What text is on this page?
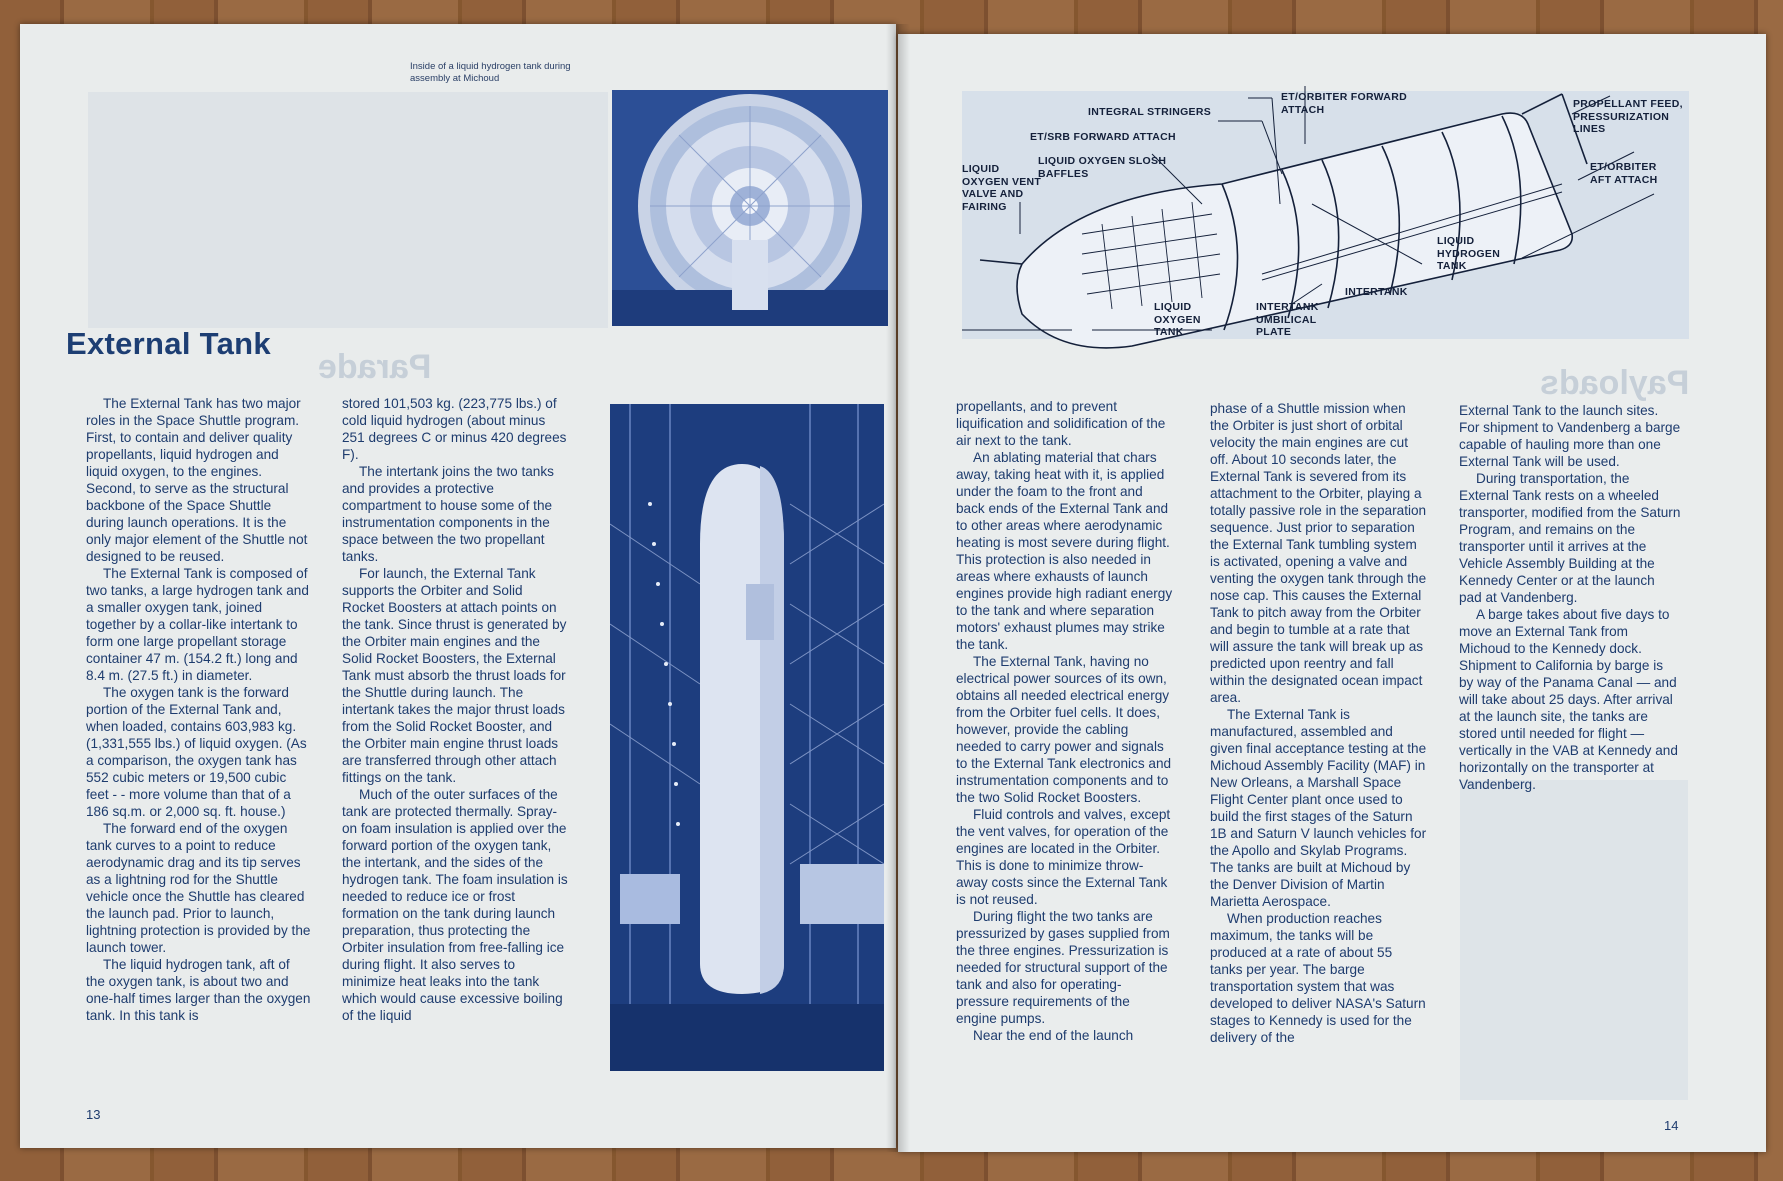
Parade
Inside of a liquid hydrogen tank during assembly at Michoud
External Tank

The External Tank has two major roles in the Space Shuttle program. First, to contain and deliver quality propellants, liquid hydrogen and liquid oxygen, to the engines. Second, to serve as the structural backbone of the Space Shuttle during launch operations. It is the only major element of the Shuttle not designed to be reused.

The External Tank is composed of two tanks, a large hydrogen tank and a smaller oxygen tank, joined together by a collar-like intertank to form one large propellant storage container 47 m. (154.2 ft.) long and 8.4 m. (27.5 ft.) in diameter.

The oxygen tank is the forward portion of the External Tank and, when loaded, contains 603,983 kg. (1,331,555 lbs.) of liquid oxygen. (As a comparison, the oxygen tank has 552 cubic meters or 19,500 cubic feet - - more volume than that of a 186 sq.m. or 2,000 sq. ft. house.)

The forward end of the oxygen tank curves to a point to reduce aerodynamic drag and its tip serves as a lightning rod for the Shuttle vehicle once the Shuttle has cleared the launch pad. Prior to launch, lightning protection is provided by the launch tower.

The liquid hydrogen tank, aft of the oxygen tank, is about two and one-half times larger than the oxygen tank. In this tank is

stored 101,503 kg. (223,775 lbs.) of cold liquid hydrogen (about minus 251 degrees C or minus 420 degrees F).

The intertank joins the two tanks and provides a protective compartment to house some of the instrumentation components in the space between the two propellant tanks.

For launch, the External Tank supports the Orbiter and Solid Rocket Boosters at attach points on the tank. Since thrust is generated by the Orbiter main engines and the Solid Rocket Boosters, the External Tank must absorb the thrust loads for the Shuttle during launch. The intertank takes the major thrust loads from the Solid Rocket Booster, and the Orbiter main engine thrust loads are transferred through other attach fittings on the tank.

Much of the outer surfaces of the tank are protected thermally. Spray-on foam insulation is applied over the forward portion of the oxygen tank, the intertank, and the sides of the hydrogen tank. The foam insulation is needed to reduce ice or frost formation on the tank during launch preparation, thus protecting the Orbiter insulation from free-falling ice during flight. It also serves to minimize heat leaks into the tank which would cause excessive boiling of the liquid

13
Payloads
INTEGRAL STRINGERS
ET/ORBITER FORWARD ATTACH	PROPELLANT FEED, PRESSURIZATION LINES
ET/SRB FORWARD ATTACH
LIQUID OXYGEN SLOSH BAFFLES
LIQUID OXYGEN VENT VALVE AND FAIRING
ET/ORBITER AFT ATTACH
LIQUID HYDROGEN TANK
INTERTANK
LIQUID OXYGEN TANK
INTERTANK UMBILICAL PLATE

propellants, and to prevent liquification and solidification of the air next to the tank.

An ablating material that chars away, taking heat with it, is applied under the foam to the front and back ends of the External Tank and to other areas where aerodynamic heating is most severe during flight. This protection is also needed in areas where exhausts of launch engines provide high radiant energy to the tank and where separation motors' exhaust plumes may strike the tank.

The External Tank, having no electrical power sources of its own, obtains all needed electrical energy from the Orbiter fuel cells. It does, however, provide the cabling needed to carry power and signals to the External Tank electronics and instrumentation components and to the two Solid Rocket Boosters.

Fluid controls and valves, except the vent valves, for operation of the engines are located in the Orbiter. This is done to minimize throw-away costs since the External Tank is not reused.

During flight the two tanks are pressurized by gases supplied from the three engines. Pressurization is needed for structural support of the tank and also for operating-pressure requirements of the engine pumps.

Near the end of the launch

phase of a Shuttle mission when the Orbiter is just short of orbital velocity the main engines are cut off. About 10 seconds later, the External Tank is severed from its attachment to the Orbiter, playing a totally passive role in the separation sequence. Just prior to separation the External Tank tumbling system is activated, opening a valve and venting the oxygen tank through the nose cap. This causes the External Tank to pitch away from the Orbiter and begin to tumble at a rate that will assure the tank will break up as predicted upon reentry and fall within the designated ocean impact area.

The External Tank is manufactured, assembled and given final acceptance testing at the Michoud Assembly Facility (MAF) in New Orleans, a Marshall Space Flight Center plant once used to build the first stages of the Saturn 1B and Saturn V launch vehicles for the Apollo and Skylab Programs. The tanks are built at Michoud by the Denver Division of Martin Marietta Aerospace.

When production reaches maximum, the tanks will be produced at a rate of about 55 tanks per year. The barge transportation system that was developed to deliver NASA's Saturn stages to Kennedy is used for the delivery of the

External Tank to the launch sites. For shipment to Vandenberg a barge capable of hauling more than one External Tank will be used.

During transportation, the External Tank rests on a wheeled transporter, modified from the Saturn Program, and remains on the transporter until it arrives at the Vehicle Assembly Building at the Kennedy Center or at the launch pad at Vandenberg.

A barge takes about five days to move an External Tank from Michoud to the Kennedy dock. Shipment to California by barge is by way of the Panama Canal — and will take about 25 days. After arrival at the launch site, the tanks are stored until needed for flight — vertically in the VAB at Kennedy and horizontally on the transporter at Vandenberg.

14
